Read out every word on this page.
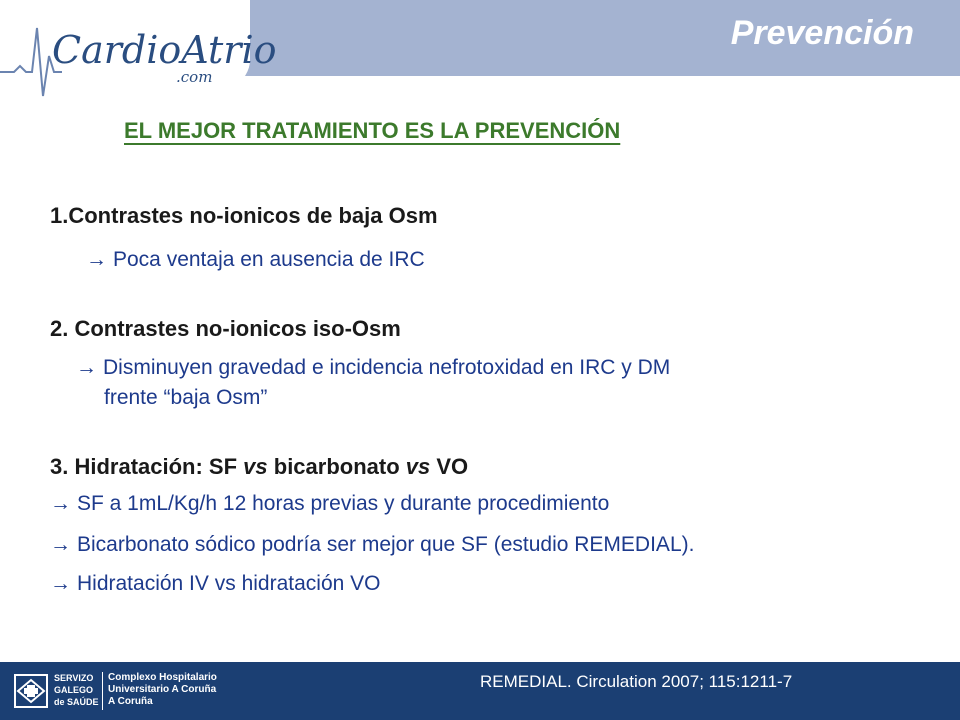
CardioAtrio
.com
Prevención
EL MEJOR TRATAMIENTO ES LA PREVENCIÓN
1.Contrastes no-ionicos de baja Osm
→ Poca ventaja en ausencia de IRC
2. Contrastes no-ionicos iso-Osm
→ Disminuyen gravedad e incidencia nefrotoxidad en IRC y DM
frente “baja Osm”
3. Hidratación: SF vs bicarbonato vs VO
→ SF a 1mL/Kg/h 12 horas previas y durante procedimiento
→ Bicarbonato sódico podría ser mejor que SF (estudio REMEDIAL).
→ Hidratación IV vs hidratación VO
SERVIZO
GALEGO
de SAÚDE
Complexo Hospitalario
Universitario A Coruña
A Coruña
REMEDIAL. Circulation 2007; 115:1211-7
